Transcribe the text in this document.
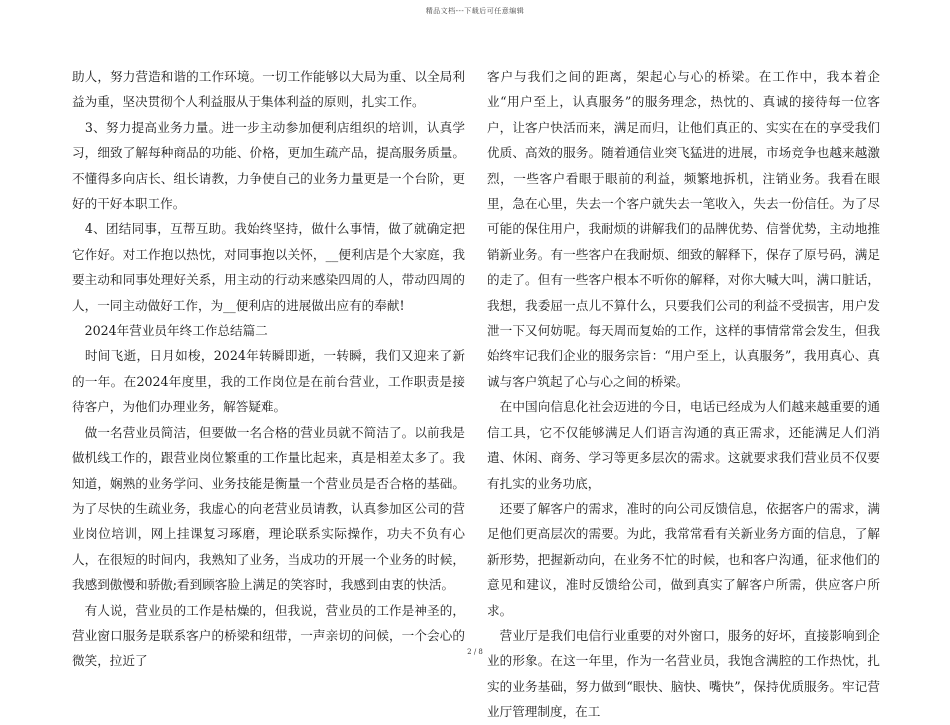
精品文档---下载后可任意编辑

助人，努力营造和谐的工作环境。一切工作能够以大局为重、以全局利益为重，坚决贯彻个人利益服从于集体利益的原则，扎实工作。

　3、努力提高业务力量。进一步主动参加便利店组织的培训，认真学习，细致了解每种商品的功能、价格，更加生疏产品，提高服务质量。不懂得多向店长、组长请教，力争使自己的业务力量更是一个台阶，更好的干好本职工作。

　4、团结同事，互帮互助。我始终坚持，做什么事情，做了就确定把它作好。对工作抱以热忱，对同事抱以关怀，__便利店是个大家庭，我要主动和同事处理好关系，用主动的行动来感染四周的人，带动四周的人，一同主动做好工作，为__便利店的进展做出应有的奉献!

　2024年营业员年终工作总结篇二

　时间飞逝，日月如梭，2024年转瞬即逝，一转瞬，我们又迎来了新的一年。在2024年度里，我的工作岗位是在前台营业，工作职责是接待客户，为他们办理业务，解答疑难。

　做一名营业员简洁，但要做一名合格的营业员就不简洁了。以前我是做机线工作的，跟营业岗位繁重的工作量比起来，真是相差太多了。我知道，娴熟的业务学问、业务技能是衡量一个营业员是否合格的基础。为了尽快的生疏业务，我虚心的向老营业员请教，认真参加区公司的营业岗位培训，网上挂课复习琢磨，理论联系实际操作，功夫不负有心人，在很短的时间内，我熟知了业务，当成功的开展一个业务的时候，我感到傲慢和骄傲;看到顾客脸上满足的笑容时，我感到由衷的快活。

　有人说，营业员的工作是枯燥的，但我说，营业员的工作是神圣的，营业窗口服务是联系客户的桥梁和纽带，一声亲切的问候，一个会心的微笑，拉近了

客户与我们之间的距离，架起心与心的桥梁。在工作中，我本着企业“用户至上，认真服务”的服务理念，热忱的、真诚的接待每一位客户，让客户快活而来，满足而归，让他们真正的、实实在在的享受我们优质、高效的服务。随着通信业突飞猛进的进展，市场竞争也越来越激烈，一些客户看眼于眼前的利益，频繁地拆机，注销业务。我看在眼里，急在心里，失去一个客户就失去一笔收入，失去一份信任。为了尽可能的保住用户，我耐烦的讲解我们的品牌优势、信誉优势，主动地推销新业务。有一些客户在我耐烦、细致的解释下，保存了原号码，满足的走了。但有一些客户根本不听你的解释，对你大喊大叫，满口脏话，我想，我委屈一点儿不算什么，只要我们公司的利益不受损害，用户发泄一下又何妨呢。每天周而复始的工作，这样的事情常常会发生，但我始终牢记我们企业的服务宗旨：“用户至上，认真服务”，我用真心、真诚与客户筑起了心与心之间的桥梁。

　在中国向信息化社会迈进的今日，电话已经成为人们越来越重要的通信工具，它不仅能够满足人们语言沟通的真正需求，还能满足人们消遣、休闲、商务、学习等更多层次的需求。这就要求我们营业员不仅要有扎实的业务功底，

　还要了解客户的需求，准时的向公司反馈信息，依据客户的需求，满足他们更高层次的需要。为此，我常常看有关新业务方面的信息，了解新形势，把握新动向，在业务不忙的时候，也和客户沟通，征求他们的意见和建议，准时反馈给公司，做到真实了解客户所需，供应客户所求。

　营业厅是我们电信行业重要的对外窗口，服务的好坏，直接影响到企业的形象。在这一年里，作为一名营业员，我饱含满腔的工作热忱，扎实的业务基础，努力做到“眼快、脑快、嘴快”，保持优质服务。牢记营业厅管理制度，在工

2 / 8
